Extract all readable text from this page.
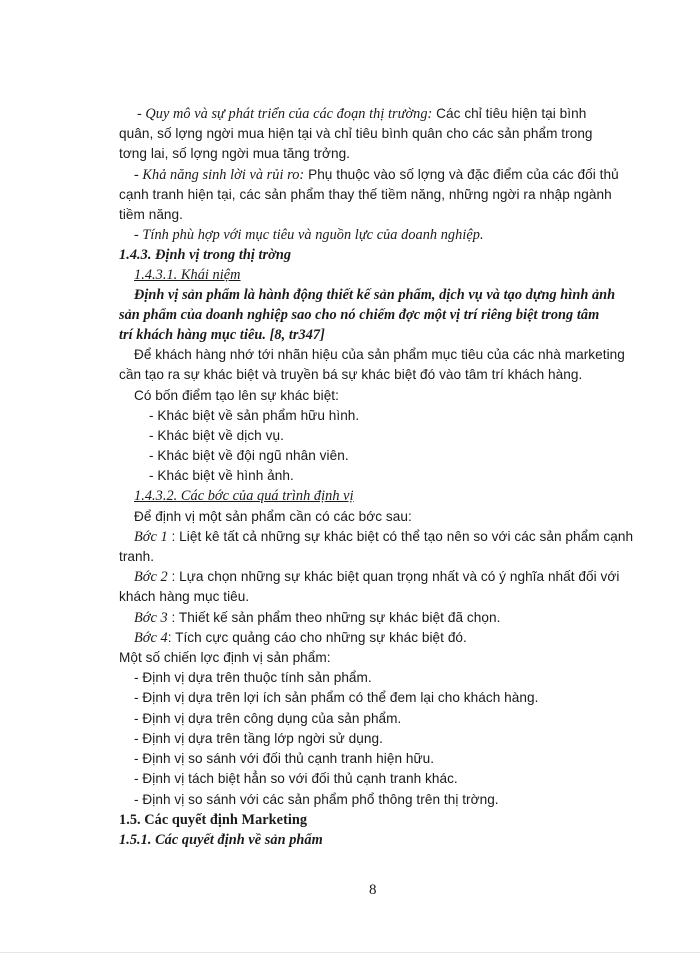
- Quy mô và sự phát triển của các đoạn thị trường: Các chỉ tiêu hiện tại bình
quân, số lợng ngời mua hiện tại và chỉ tiêu bình quân cho các sản phẩm trong
tơng lai, số lợng ngời mua tăng trởng.
- Khả năng sinh lời và rủi ro: Phụ thuộc vào số lợng và đặc điểm của các đối thủ
cạnh tranh hiện tại, các sản phẩm thay thế tiềm năng, những ngời ra nhập ngành
tiềm năng.
- Tính phù hợp với mục tiêu và nguồn lực của doanh nghiệp.
1.4.3. Định vị trong thị trờng
1.4.3.1. Khái niệm
Định vị sản phẩm là hành động thiết kế sản phẩm, dịch vụ và tạo dựng hình ảnh
sản phẩm của doanh nghiệp sao cho nó chiếm đợc một vị trí riêng biệt trong tâm
trí khách hàng mục tiêu. [8, tr347]
Để khách hàng nhớ tới nhãn hiệu của sản phẩm mục tiêu của các nhà marketing
cần tạo ra sự khác biệt và truyền bá sự khác biệt đó vào tâm trí khách hàng.
Có bốn điểm tạo lên sự khác biệt:
- Khác biệt về sản phẩm hữu hình.
- Khác biệt về dịch vụ.
- Khác biệt về đội ngũ nhân viên.
- Khác biệt về hình ảnh.
1.4.3.2. Các bớc của quá trình định vị
Để định vị một sản phẩm cần có các bớc sau:
Bớc 1 : Liệt kê tất cả những sự khác biệt có thể tạo nên so với các sản phẩm cạnh
tranh.
Bớc 2 : Lựa chọn những sự khác biệt quan trọng nhất và có ý nghĩa nhất đối với
khách hàng mục tiêu.
Bớc 3 : Thiết kế sản phẩm theo những sự khác biệt đã chọn.
Bớc 4: Tích cực quảng cáo cho những sự khác biệt đó.
Một số chiến lợc định vị sản phẩm:
- Định vị dựa trên thuộc tính sản phẩm.
- Định vị dựa trên lợi ích sản phẩm có thể đem lại cho khách hàng.
- Định vị dựa trên công dụng của sản phẩm.
- Định vị dựa trên tầng lớp ngời sử dụng.
- Định vị so sánh với đối thủ cạnh tranh hiện hữu.
- Định vị tách biệt hẳn so với đối thủ cạnh tranh khác.
- Định vị so sánh với các sản phẩm phổ thông trên thị trờng.
1.5. Các quyết định Marketing
1.5.1. Các quyết định về sản phẩm
8
